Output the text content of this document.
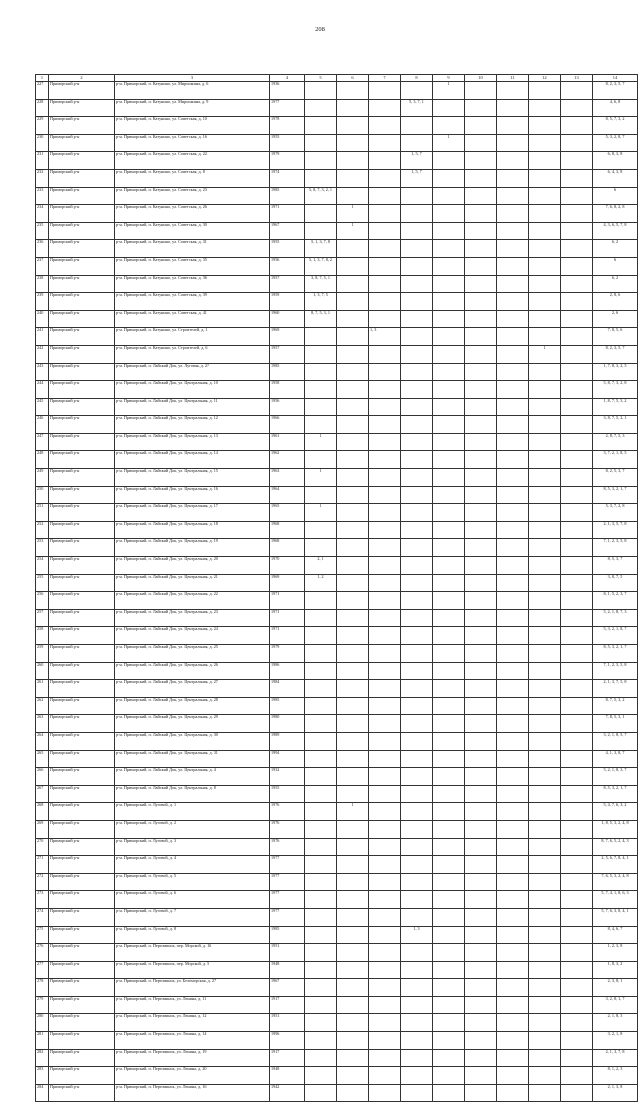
208
1	2	3	4	5	6	7	8	9	10	11	12	13	14
227	Приморский р-н	р-н. Приморский, п. Катунино, ул. Мирошкина, д. 6	1936					1					8, 2, 3, 5, 7
228	Приморский р-н	р-н. Приморский, п. Катунино, ул. Мирошкина, д. 9	1977				5, 3, 7, 1						4, 6, 8
229	Приморский р-н	р-н. Приморский, п. Катунино, ул. Советская, д. 10	1978										8, 5, 7, 3, 2
230	Приморский р-н	р-н. Приморский, п. Катунино, ул. Советская, д. 16	1955					1					5, 3, 2, 8, 7
231	Приморский р-н	р-н. Приморский, п. Катунино, ул. Советская, д. 22	1979				1, 5, 7						6, 8, 3, 8
232	Приморский р-н	р-н. Приморский, п. Катунино, ул. Советская, д. 8	1974				1, 5, 7						6, 4, 3, 8
233	Приморский р-н	р-н. Приморский, п. Катунино, ул. Советская, д. 23	1985	5, 8, 7, 3, 2, 1									6
234	Приморский р-н	р-н. Приморский, п. Катунино, ул. Советская, д. 26	1971		1								7, 6, 8, 2, 8
235	Приморский р-н	р-н. Приморский, п. Катунино, ул. Советская, д. 30	1967		1								4, 3, 6, 5, 7, 8
236	Приморский р-н	р-н. Приморский, п. Катунино, ул. Советская, д. 31	1955	5, 1, 3, 7, 8									6, 2
237	Приморский р-н	р-н. Приморский, п. Катунино, ул. Советская, д. 35	1956	5, 1, 3, 7, 8, 2									6
238	Приморский р-н	р-н. Приморский, п. Катунино, ул. Советская, д. 36	1957	3, 8, 7, 5, 1									6, 2
239	Приморский р-н	р-н. Приморский, п. Катунино, ул. Советская, д. 39	1959	1, 3, 7, 5									2, 8, 6
240	Приморский р-н	р-н. Приморский, п. Катунино, ул. Советская, д. 41	1960	8, 7, 5, 3, 1									2, 6
241	Приморский р-н	р-н. Приморский, п. Катунино, ул. Строителей, д. 1	1969			1, 3							7, 8, 5, 6
242	Приморский р-н	р-н. Приморский, п. Катунино, ул. Строителей, д. 6	1957								1		8, 2, 3, 5, 7
243	Приморский р-н	р-н. Приморский, п. Лайский Док, ул. Луговая, д. 2?	1985										1, 7, 8, 3, 2, 5
244	Приморский р-н	р-н. Приморский, п. Лайский Док, ул. Центральная, д. 10	1958										5, 8, 7, 3, 2, 8
245	Приморский р-н	р-н. Приморский, п. Лайский Док, ул. Центральная, д. 11	1956										1, 8, 7, 5, 3, 2
246	Приморский р-н	р-н. Приморский, п. Лайский Док, ул. Центральная, д. 12	1966										3, 8, 7, 5, 2, 1
247	Приморский р-н	р-н. Приморский, п. Лайский Док, ул. Центральная, д. 13	1961	1									2, 8, 7, 5, 3
248	Приморский р-н	р-н. Приморский, п. Лайский Док, ул. Центральная, д. 14	1962										3, 7, 2, 1, 8, 5
249	Приморский р-н	р-н. Приморский, п. Лайский Док, ул. Центральная, д. 15	1963	1									8, 2, 5, 3, 7
250	Приморский р-н	р-н. Приморский, п. Лайский Док, ул. Центральная, д. 16	1964										8, 5, 3, 2, 1, 7
251	Приморский р-н	р-н. Приморский, п. Лайский Док, ул. Центральная, д. 17	1965	1									5, 3, 7, 2, 8
252	Приморский р-н	р-н. Приморский, п. Лайский Док, ул. Центральная, д. 18	1968										2, 1, 3, 5, 7, 8
253	Приморский р-н	р-н. Приморский, п. Лайский Док, ул. Центральная, д. 19	1968										7, 1, 2, 3, 5, 8
254	Приморский р-н	р-н. Приморский, п. Лайский Док, ул. Центральная, д. 20	1970	2, 1									8, 5, 3, 7
255	Приморский р-н	р-н. Приморский, п. Лайский Док, ул. Центральная, д. 21	1969	1, 2									3, 8, 7, 5
256	Приморский р-н	р-н. Приморский, п. Лайский Док, ул. Центральная, д. 22	1971										8, 1, 5, 2, 3, 7
257	Приморский р-н	р-н. Приморский, п. Лайский Док, ул. Центральная, д. 23	1971										5, 2, 1, 8, 7, 3
258	Приморский р-н	р-н. Приморский, п. Лайский Док, ул. Центральная, д. 24	1971										5, 3, 2, 1, 8, 7
259	Приморский р-н	р-н. Приморский, п. Лайский Док, ул. Центральная, д. 25	1979										8, 5, 3, 2, 1, 7
260	Приморский р-н	р-н. Приморский, п. Лайский Док, ул. Центральная, д. 26	1986										7, 1, 2, 3, 5, 8
261	Приморский р-н	р-н. Приморский, п. Лайский Док, ул. Центральная, д. 27	1984										2, 1, 3, 7, 5, 8
262	Приморский р-н	р-н. Приморский, п. Лайский Док, ул. Центральная, д. 28	1985										8, 7, 5, 3, 2
263	Приморский р-н	р-н. Приморский, п. Лайский Док, ул. Центральная, д. 29	1980										7, 8, 5, 3, 1
264	Приморский р-н	р-н. Приморский, п. Лайский Док, ул. Центральная, д. 30	1989										3, 2, 1, 8, 5, 7
265	Приморский р-н	р-н. Приморский, п. Лайский Док, ул. Центральная, д. 31	1994										4, 1, 3, 8, 7
266	Приморский р-н	р-н. Приморский, п. Лайский Док, ул. Центральная, д. 4	1932										5, 2, 1, 8, 3, 7
267	Приморский р-н	р-н. Приморский, п. Лайский Док, ул. Центральная, д. 8	1955										8, 5, 3, 2, 1, 7
268	Приморский р-н	р-н. Приморский, п. Луговой, д. 1	1976		1								5, 4, 7, 6, 3, 2
269	Приморский р-н	р-н. Приморский, п. Луговой, д. 2	1976										1, 8, 5, 3, 2, 4, 8
270	Приморский р-н	р-н. Приморский, п. Луговой, д. 3	1976										8, 7, 6, 5, 2, 4, 3
271	Приморский р-н	р-н. Приморский, п. Луговой, д. 4	1977										2, 5, 6, 7, 8, 4, 1
272	Приморский р-н	р-н. Приморский, п. Луговой, д. 5	1977										7, 6, 5, 3, 2, 4, 8
273	Приморский р-н	р-н. Приморский, п. Луговой, д. 6	1977										5, 7, 4, 1, 8, 6, 3
274	Приморский р-н	р-н. Приморский, п. Луговой, д. 7	1977										5, 7, 6, 3, 8, 4, 1
275	Приморский р-н	р-н. Приморский, п. Луговой, д. 8	1985				1, 3						8, 4, 6, 7
276	Приморский р-н	р-н. Приморский, п. Пертоминск, пер. Морской, д. 16	1951										1, 2, 3, 8
277	Приморский р-н	р-н. Приморский, п. Пертоминск, пер. Морской, д. 5	1948										1, 8, 3, 2
278	Приморский р-н	р-н. Приморский, п. Пертоминск, ул. Беломорская, д. 27	1967										2, 3, 8, 1
279	Приморский р-н	р-н. Приморский, п. Пертоминск, ул. Ленина, д. 11	1917										3, 2, 8, 1, 7
280	Приморский р-н	р-н. Приморский, п. Пертоминск, ул. Ленина, д. 12	1951										2, 1, 8, 3
281	Приморский р-н	р-н. Приморский, п. Пертоминск, ул. Ленина, д. 14	1996										3, 2, 1, 8
282	Приморский р-н	р-н. Приморский, п. Пертоминск, ул. Ленина, д. 19	1917										2, 1, 3, 7, 8
283	Приморский р-н	р-н. Приморский, п. Пертоминск, ул. Ленина, д. 20	1948										8, 1, 2, 3
284	Приморский р-н	р-н. Приморский, п. Пертоминск, ул. Ленина, д. 16	1942										2, 1, 3, 8
